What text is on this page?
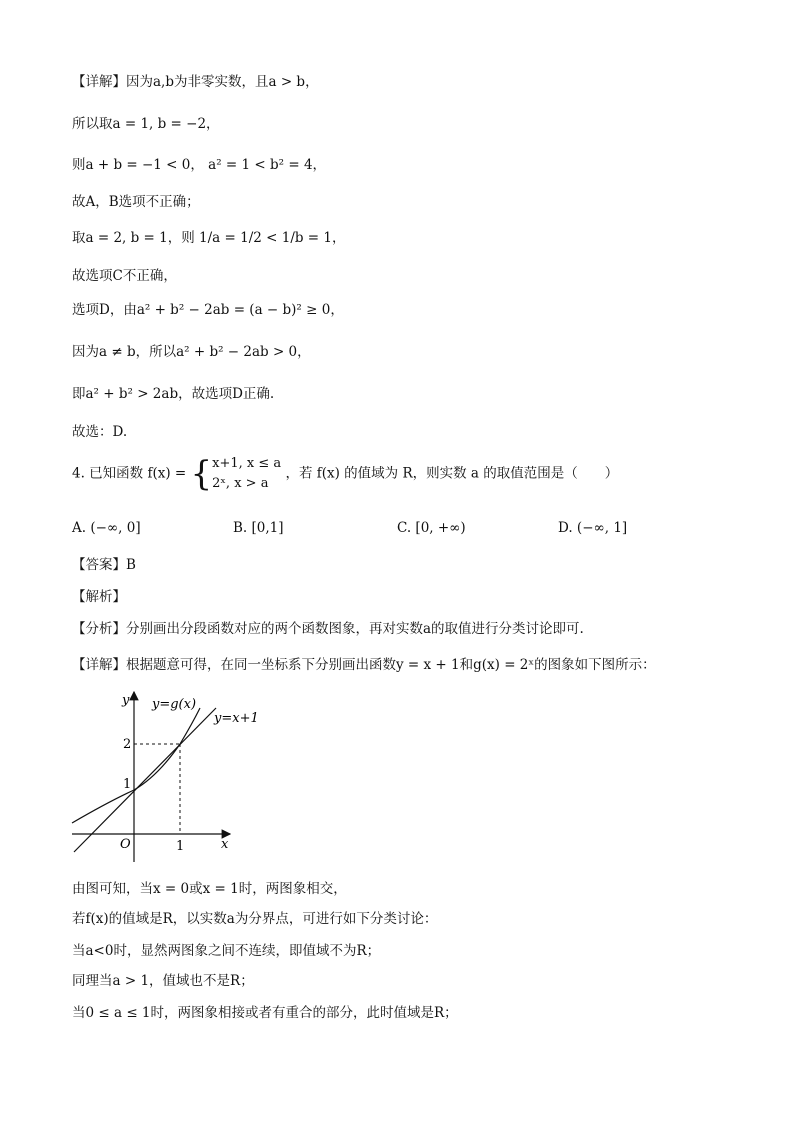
【详解】因为a,b为非零实数，且a > b，
所以取a = 1, b = −2，
则a + b = −1 < 0， a² = 1 < b² = 4，
故A，B选项不正确；
取a = 2, b = 1，则 1/a = 1/2 < 1/b = 1，
故选项C不正确，
选项D，由a² + b² − 2ab = (a − b)² ≥ 0，
因为a ≠ b，所以a² + b² − 2ab > 0，
即a² + b² > 2ab，故选项D正确.
故选：D.
4. 已知函数 f(x) = {x+1, x ≤ a
2ˣ, x > a ，若 f(x) 的值域为 R，则实数 a 的取值范围是（　　）
A. (−∞, 0]	B. [0,1]	C. [0, +∞)	D. (−∞, 1]
【答案】B
【解析】
【分析】分别画出分段函数对应的两个函数图象，再对实数a的取值进行分类讨论即可.
【详解】根据题意可得，在同一坐标系下分别画出函数y = x + 1和g(x) = 2ˣ的图象如下图所示：
y
x
O
y=g(x)
y=x+1
2
1
1
由图可知，当x = 0或x = 1时，两图象相交，
若f(x)的值域是R，以实数a为分界点，可进行如下分类讨论：
当a<0时，显然两图象之间不连续，即值域不为R；
同理当a > 1，值域也不是R；
当0 ≤ a ≤ 1时，两图象相接或者有重合的部分，此时值域是R；
